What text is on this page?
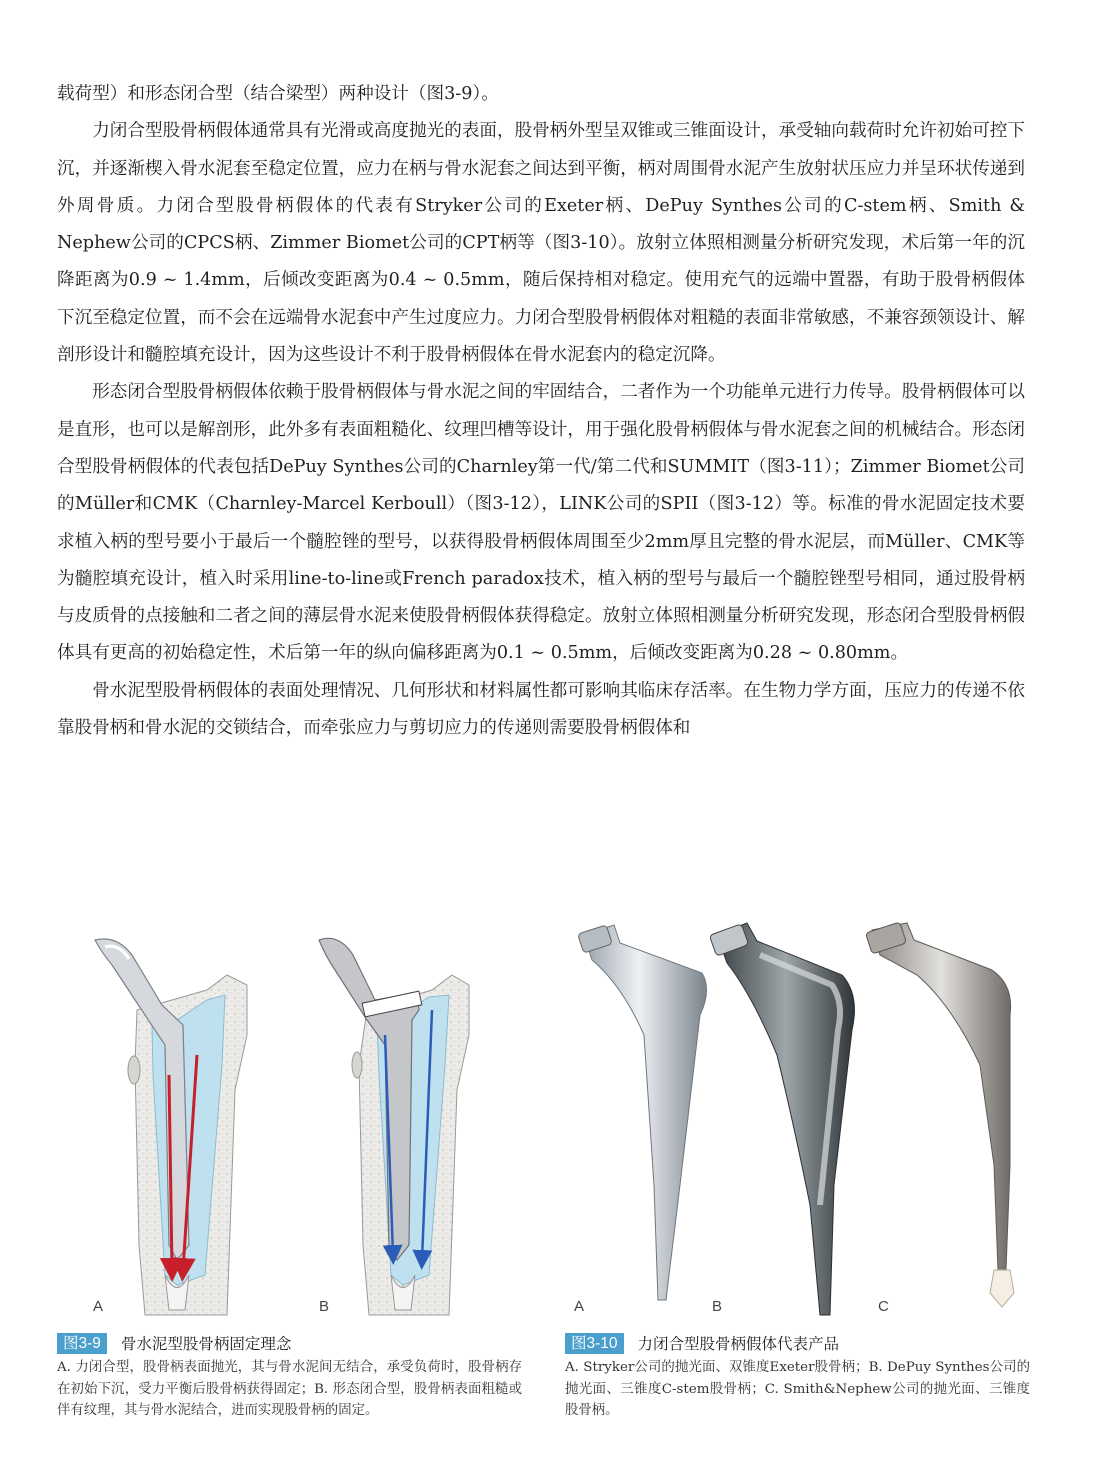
载荷型）和形态闭合型（结合梁型）两种设计（图3-9）。

力闭合型股骨柄假体通常具有光滑或高度抛光的表面，股骨柄外型呈双锥或三锥面设计，承受轴向载荷时允许初始可控下沉，并逐渐楔入骨水泥套至稳定位置，应力在柄与骨水泥套之间达到平衡，柄对周围骨水泥产生放射状压应力并呈环状传递到外周骨质。力闭合型股骨柄假体的代表有Stryker公司的Exeter柄、DePuy Synthes公司的C-stem柄、Smith & Nephew公司的CPCS柄、Zimmer Biomet公司的CPT柄等（图3-10）。放射立体照相测量分析研究发现，术后第一年的沉降距离为0.9 ~ 1.4mm，后倾改变距离为0.4 ~ 0.5mm，随后保持相对稳定。使用充气的远端中置器，有助于股骨柄假体下沉至稳定位置，而不会在远端骨水泥套中产生过度应力。力闭合型股骨柄假体对粗糙的表面非常敏感，不兼容颈领设计、解剖形设计和髓腔填充设计，因为这些设计不利于股骨柄假体在骨水泥套内的稳定沉降。

形态闭合型股骨柄假体依赖于股骨柄假体与骨水泥之间的牢固结合，二者作为一个功能单元进行力传导。股骨柄假体可以是直形，也可以是解剖形，此外多有表面粗糙化、纹理凹槽等设计，用于强化股骨柄假体与骨水泥套之间的机械结合。形态闭合型股骨柄假体的代表包括DePuy Synthes公司的Charnley第一代/第二代和SUMMIT（图3-11）；Zimmer Biomet公司的Müller和CMK（Charnley-Marcel Kerboull）（图3-12），LINK公司的SPII（图3-12）等。标准的骨水泥固定技术要求植入柄的型号要小于最后一个髓腔锉的型号，以获得股骨柄假体周围至少2mm厚且完整的骨水泥层，而Müller、CMK等为髓腔填充设计，植入时采用line-to-line或French paradox技术，植入柄的型号与最后一个髓腔锉型号相同，通过股骨柄与皮质骨的点接触和二者之间的薄层骨水泥来使股骨柄假体获得稳定。放射立体照相测量分析研究发现，形态闭合型股骨柄假体具有更高的初始稳定性，术后第一年的纵向偏移距离为0.1 ~ 0.5mm，后倾改变距离为0.28 ~ 0.80mm。

骨水泥型股骨柄假体的表面处理情况、几何形状和材料属性都可影响其临床存活率。在生物力学方面，压应力的传递不依靠股骨柄和骨水泥的交锁结合，而牵张应力与剪切应力的传递则需要股骨柄假体和

A	B	A	B	C
图3-9	骨水泥型股骨柄固定理念
A. 力闭合型，股骨柄表面抛光，其与骨水泥间无结合，承受负荷时，股骨柄存在初始下沉，受力平衡后股骨柄获得固定；B. 形态闭合型，股骨柄表面粗糙或伴有纹理，其与骨水泥结合，进而实现股骨柄的固定。
图3-10	力闭合型股骨柄假体代表产品
A. Stryker公司的抛光面、双锥度Exeter股骨柄；B. DePuy Synthes公司的抛光面、三锥度C-stem股骨柄；C. Smith&Nephew公司的抛光面、三锥度股骨柄。
